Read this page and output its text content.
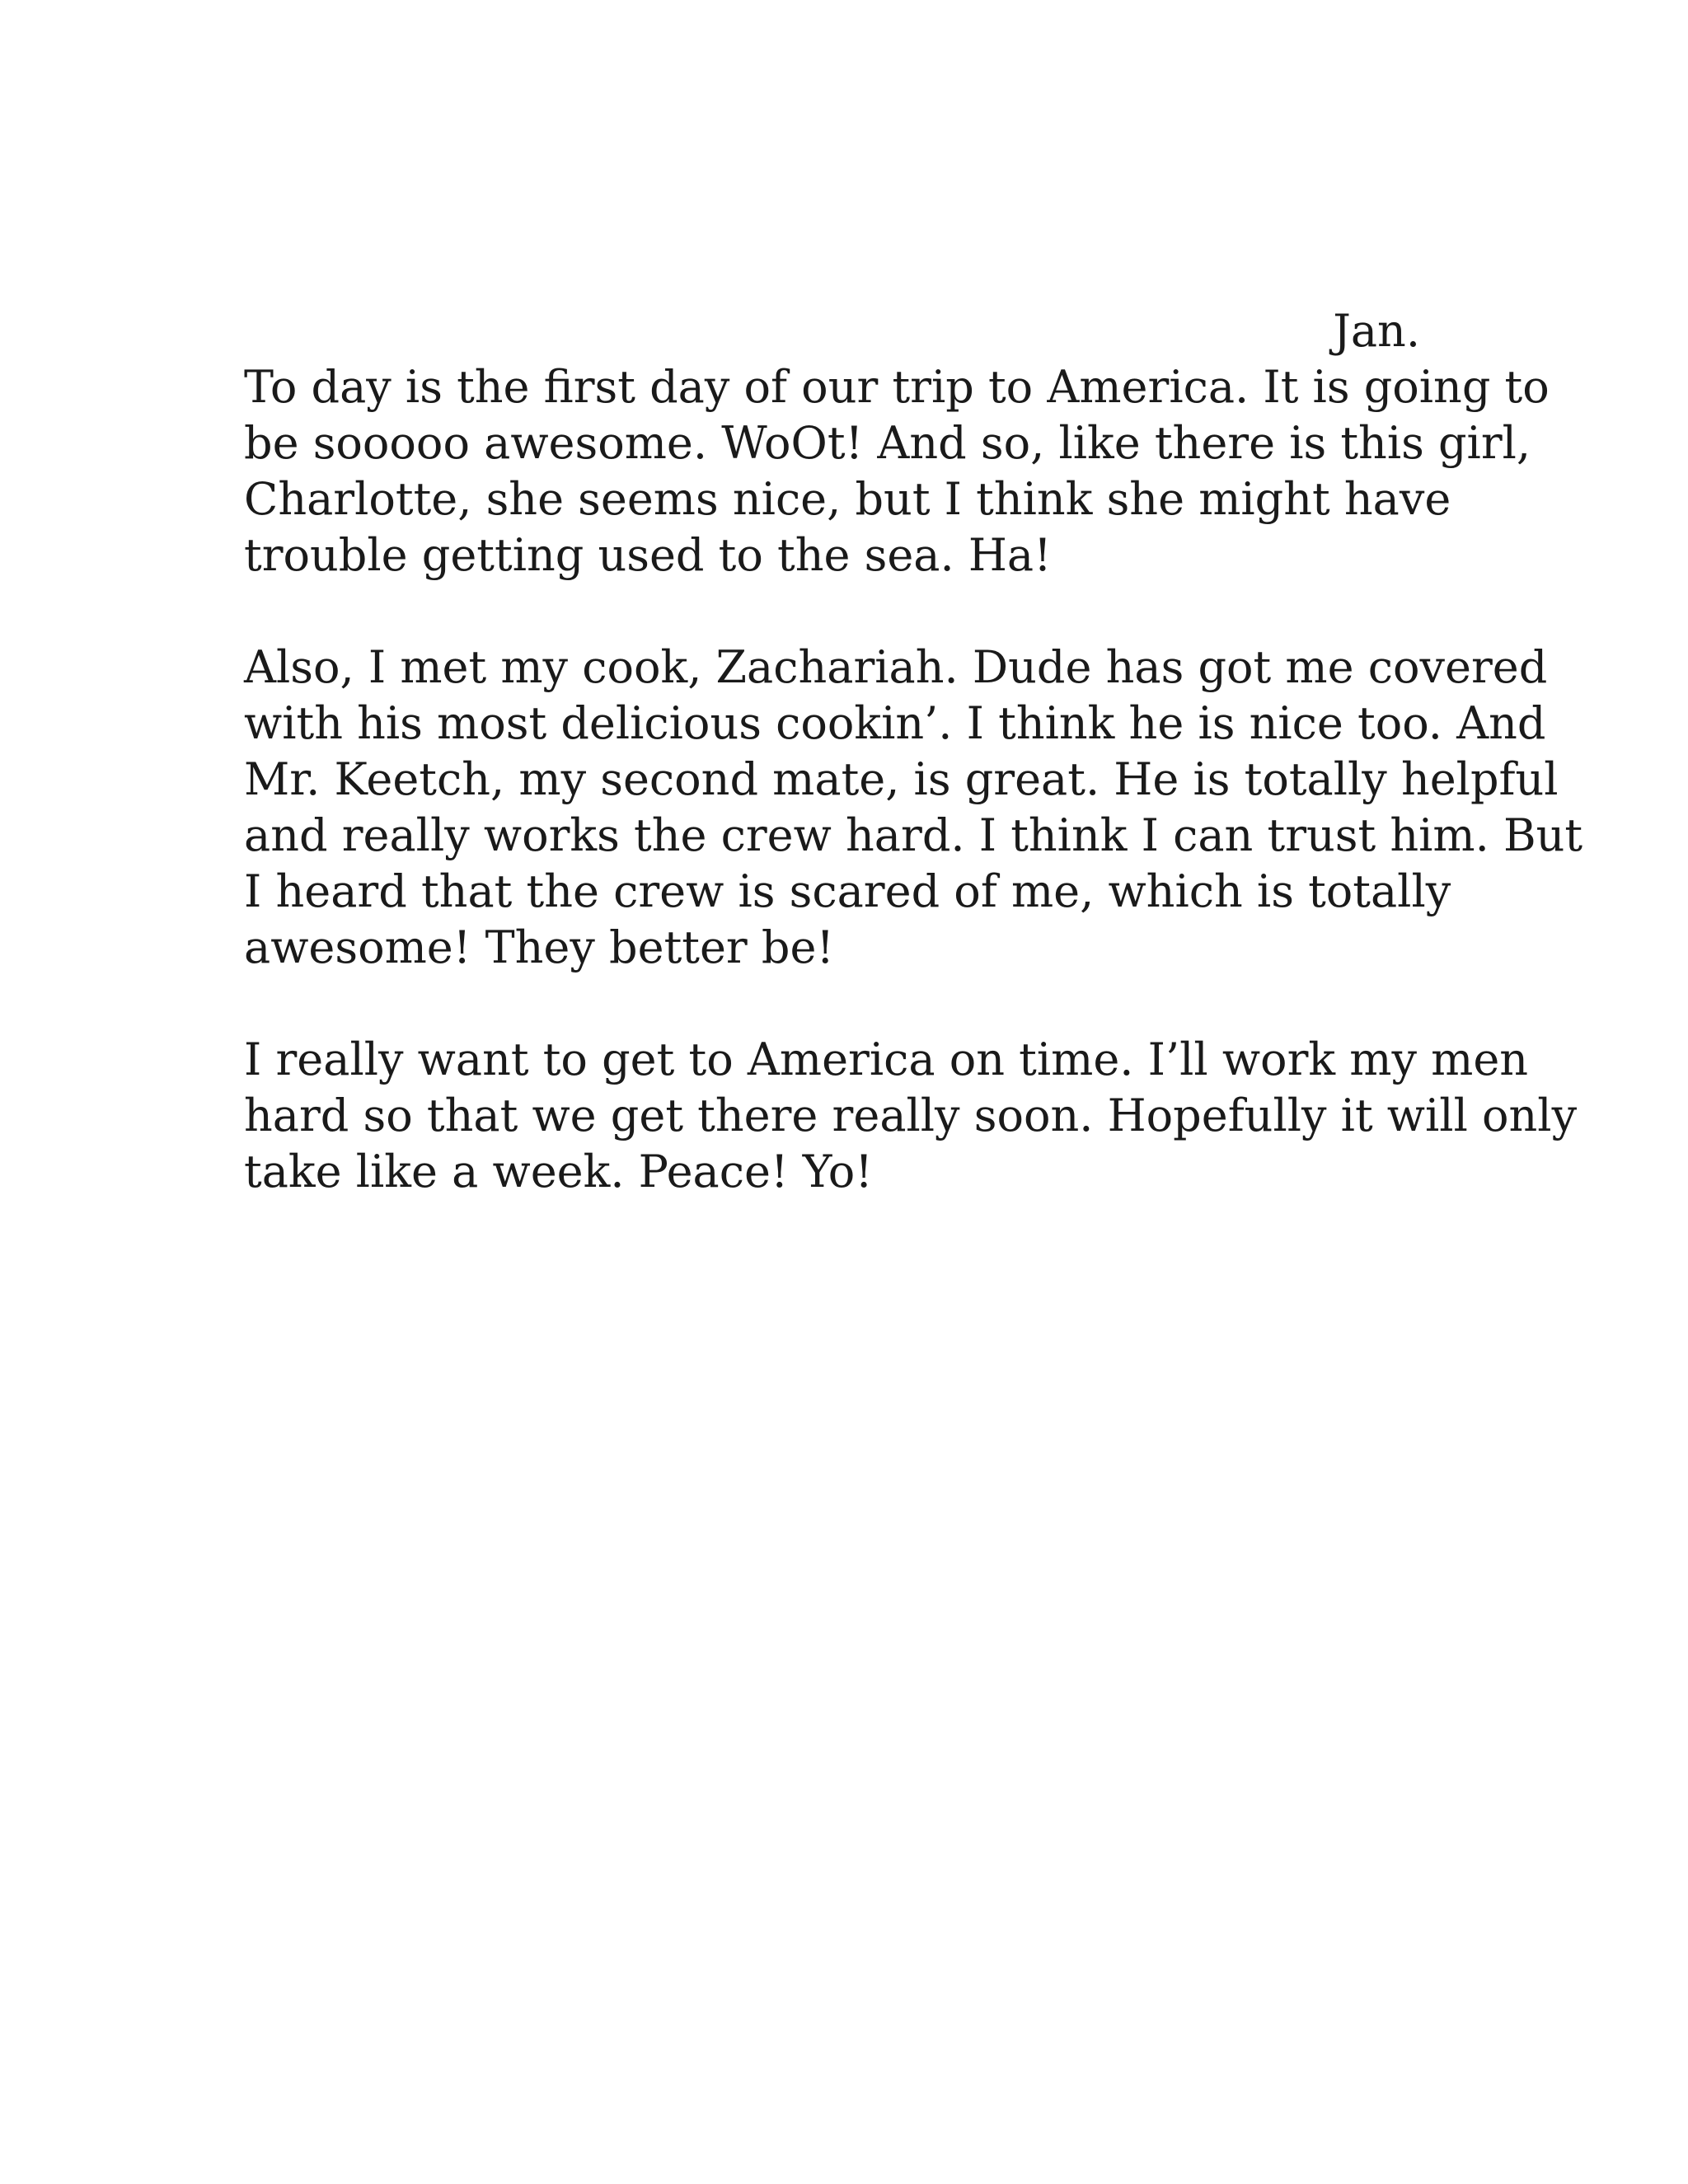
Jan.

To day is the first day of our trip to America. It is going to
be sooooo awesome. WoOt! And so, like there is this girl,
Charlotte, she seems nice, but I think she might have
trouble getting used to the sea. Ha!

Also, I met my cook, Zachariah. Dude has got me covered
with his most delicious cookin’. I think he is nice too. And
Mr. Keetch, my second mate, is great. He is totally helpful
and really works the crew hard. I think I can trust him. But
I heard that the crew is scared of me, which is totally
awesome! They better be!

I really want to get to America on time. I’ll work my men
hard so that we get there really soon. Hopefully it will only
take like a week. Peace! Yo!
